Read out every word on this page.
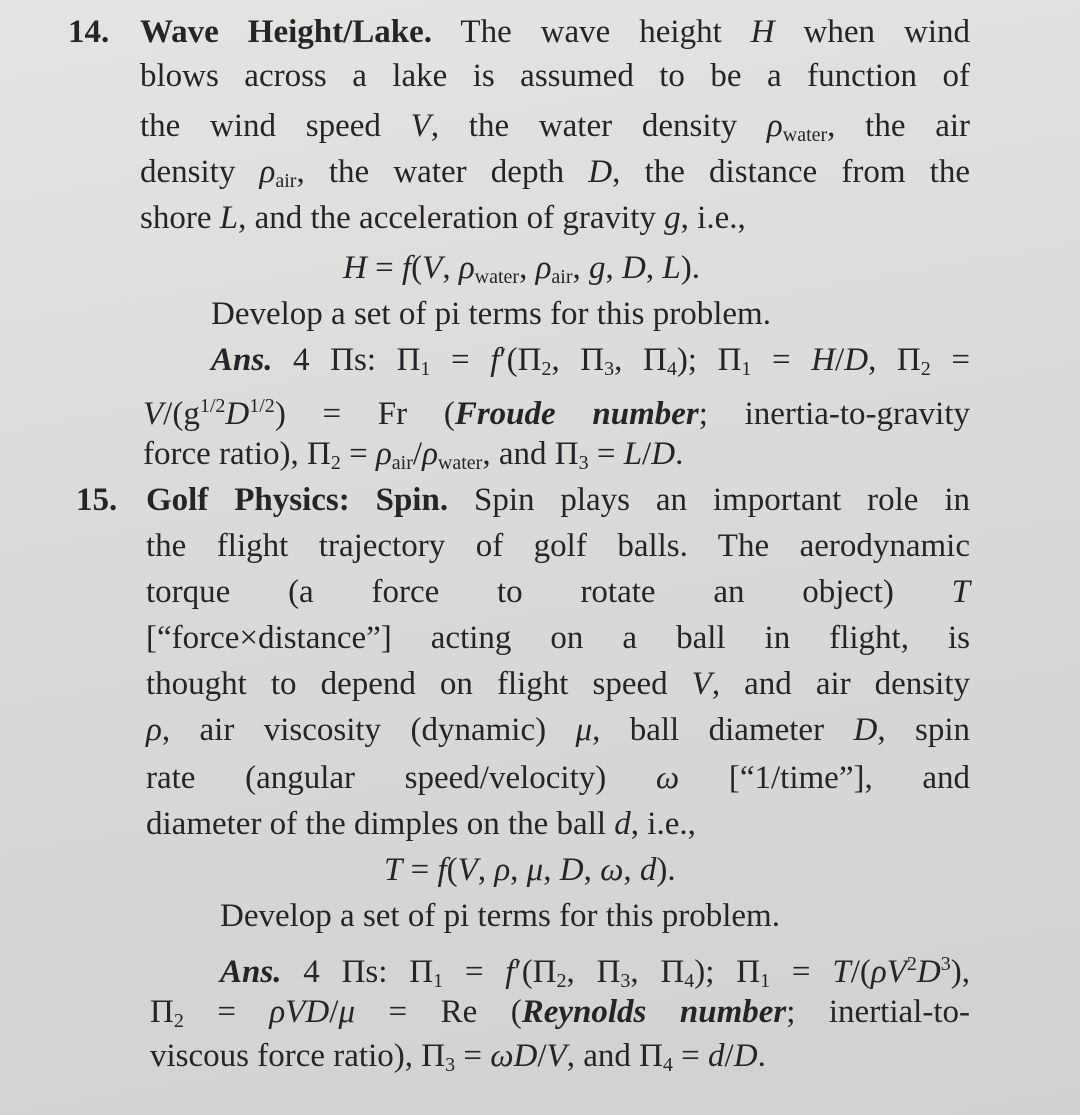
14. Wave Height/Lake. The wave height H when wind
blows across a lake is assumed to be a function of
the wind speed V, the water density $\rho_{water}$, the air
density $\rho_{air}$, the water depth D, the distance from the
shore L, and the acceleration of gravity g, i.e.,
H = f(V, $\rho_{water}$, $\rho_{air}$, g, D, L).
Develop a set of pi terms for this problem.
Ans. 4 Πs: $\Pi_1 = f'(\Pi_2$, $\Pi_3$, $\Pi_4$); $\Pi_1 = H/D$, $\Pi_2$ =
$V/(g^{1/2}D^{1/2}) = Fr$ (Froude number; inertia-to-gravity
force ratio), $\Pi_2 = \rho_{air}/\rho_{water}$, and $\Pi_3 = L/D$.
15. Golf Physics: Spin. Spin plays an important role in
the flight trajectory of golf balls. The aerodynamic
torque (a force to rotate an object) T
[“force×distance”] acting on a ball in flight, is
thought to depend on flight speed V, and air density
ρ, air viscosity (dynamic) μ, ball diameter D, spin
rate (angular speed/velocity) ω [“1/time”], and
diameter of the dimples on the ball d, i.e.,
T = f(V, ρ, μ, D, ω, d).
Develop a set of pi terms for this problem.
Ans. 4 Πs: $\Pi_1 = f'(\Pi_2$, $\Pi_3$, $\Pi_4$); $\Pi_1 = T/(\rho V^2D^3)$,
$\Pi_2 = \rho VD/\mu = Re$ (Reynolds number; inertial-to-
viscous force ratio), $\Pi_3 = \omega D/V$, and $\Pi_4 = d/D$.
